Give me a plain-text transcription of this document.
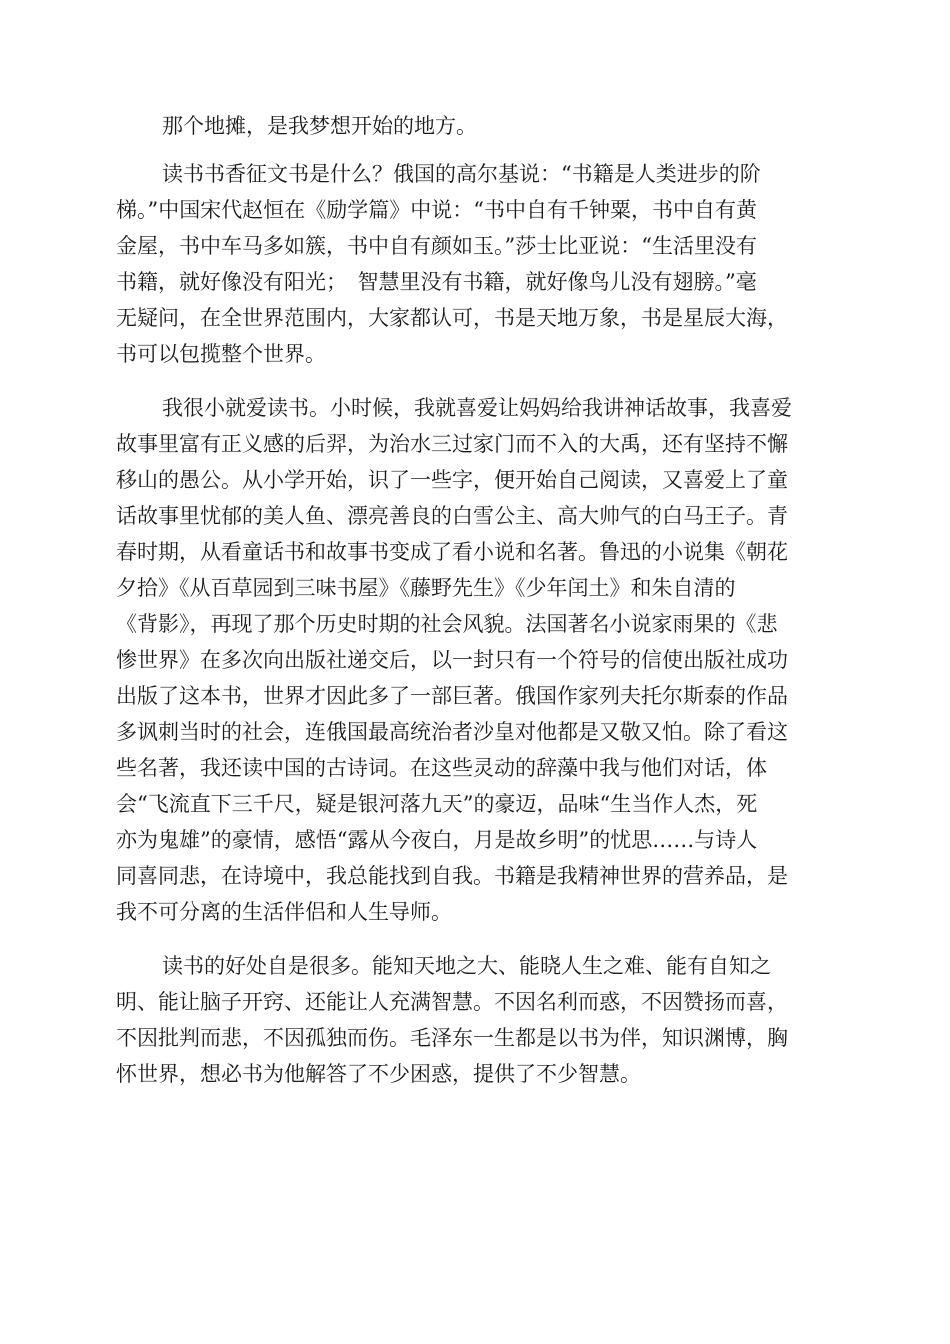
那个地摊，是我梦想开始的地方。
读书书香征文书是什么？俄国的高尔基说：“书籍是人类进步的阶
梯。”中国宋代赵恒在《励学篇》中说：“书中自有千钟粟，书中自有黄
金屋，书中车马多如簇，书中自有颜如玉。”莎士比亚说：“生活里没有
书籍，就好像没有阳光；　智慧里没有书籍，就好像鸟儿没有翅膀。”毫
无疑问，在全世界范围内，大家都认可，书是天地万象，书是星辰大海，
书可以包揽整个世界。
我很小就爱读书。小时候，我就喜爱让妈妈给我讲神话故事，我喜爱
故事里富有正义感的后羿，为治水三过家门而不入的大禹，还有坚持不懈
移山的愚公。从小学开始，识了一些字，便开始自己阅读，又喜爱上了童
话故事里忧郁的美人鱼、漂亮善良的白雪公主、高大帅气的白马王子。青
春时期，从看童话书和故事书变成了看小说和名著。鲁迅的小说集《朝花
夕拾》《从百草园到三味书屋》《藤野先生》《少年闰土》和朱自清的
《背影》，再现了那个历史时期的社会风貌。法国著名小说家雨果的《悲
惨世界》在多次向出版社递交后，以一封只有一个符号的信使出版社成功
出版了这本书，世界才因此多了一部巨著。俄国作家列夫托尔斯泰的作品
多讽刺当时的社会，连俄国最高统治者沙皇对他都是又敬又怕。除了看这
些名著，我还读中国的古诗词。在这些灵动的辞藻中我与他们对话，体
会“飞流直下三千尺，疑是银河落九天”的豪迈，品味“生当作人杰，死
亦为鬼雄”的豪情，感悟“露从今夜白，月是故乡明”的忧思……与诗人
同喜同悲，在诗境中，我总能找到自我。书籍是我精神世界的营养品，是
我不可分离的生活伴侣和人生导师。
读书的好处自是很多。能知天地之大、能晓人生之难、能有自知之
明、能让脑子开窍、还能让人充满智慧。不因名利而惑，不因赞扬而喜，
不因批判而悲，不因孤独而伤。毛泽东一生都是以书为伴，知识渊博，胸
怀世界，想必书为他解答了不少困惑，提供了不少智慧。
